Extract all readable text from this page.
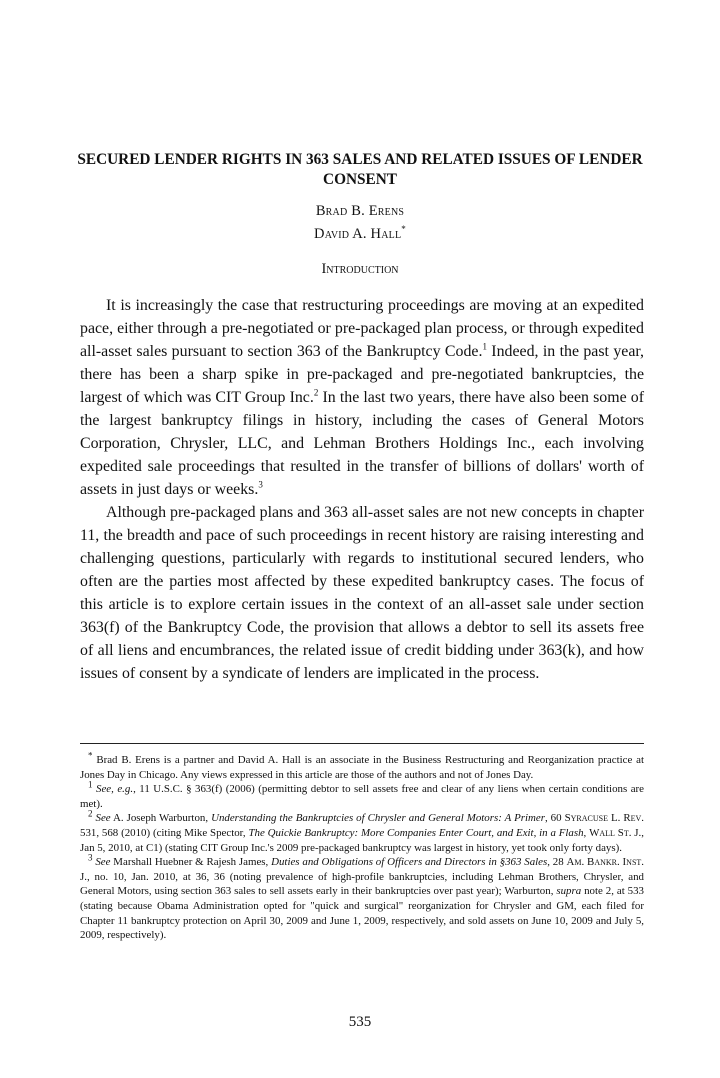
SECURED LENDER RIGHTS IN 363 SALES AND RELATED ISSUES OF LENDER CONSENT
Brad B. Erens
David A. Hall*
Introduction

It is increasingly the case that restructuring proceedings are moving at an expedited pace, either through a pre-negotiated or pre-packaged plan process, or through expedited all-asset sales pursuant to section 363 of the Bankruptcy Code.$^1$ Indeed, in the past year, there has been a sharp spike in pre-packaged and pre-negotiated bankruptcies, the largest of which was CIT Group Inc.$^2$ In the last two years, there have also been some of the largest bankruptcy filings in history, including the cases of General Motors Corporation, Chrysler, LLC, and Lehman Brothers Holdings Inc., each involving expedited sale proceedings that resulted in the transfer of billions of dollars' worth of assets in just days or weeks.$^3$

Although pre-packaged plans and 363 all-asset sales are not new concepts in chapter 11, the breadth and pace of such proceedings in recent history are raising interesting and challenging questions, particularly with regards to institutional secured lenders, who often are the parties most affected by these expedited bankruptcy cases. The focus of this article is to explore certain issues in the context of an all-asset sale under section 363(f) of the Bankruptcy Code, the provision that allows a debtor to sell its assets free of all liens and encumbrances, the related issue of credit bidding under 363(k), and how issues of consent by a syndicate of lenders are implicated in the process.

* Brad B. Erens is a partner and David A. Hall is an associate in the Business Restructuring and Reorganization practice at Jones Day in Chicago. Any views expressed in this article are those of the authors and not of Jones Day.

$^1$ See, e.g., 11 U.S.C. § 363(f) (2006) (permitting debtor to sell assets free and clear of any liens when certain conditions are met).

$^2$ See A. Joseph Warburton, Understanding the Bankruptcies of Chrysler and General Motors: A Primer, 60 Syracuse L. Rev. 531, 568 (2010) (citing Mike Spector, The Quickie Bankruptcy: More Companies Enter Court, and Exit, in a Flash, Wall St. J., Jan 5, 2010, at C1) (stating CIT Group Inc.'s 2009 pre-packaged bankruptcy was largest in history, yet took only forty days).

$^3$ See Marshall Huebner & Rajesh James, Duties and Obligations of Officers and Directors in §363 Sales, 28 Am. Bankr. Inst. J., no. 10, Jan. 2010, at 36, 36 (noting prevalence of high-profile bankruptcies, including Lehman Brothers, Chrysler, and General Motors, using section 363 sales to sell assets early in their bankruptcies over past year); Warburton, supra note 2, at 533 (stating because Obama Administration opted for "quick and surgical" reorganization for Chrysler and GM, each filed for Chapter 11 bankruptcy protection on April 30, 2009 and June 1, 2009, respectively, and sold assets on June 10, 2009 and July 5, 2009, respectively).

535
